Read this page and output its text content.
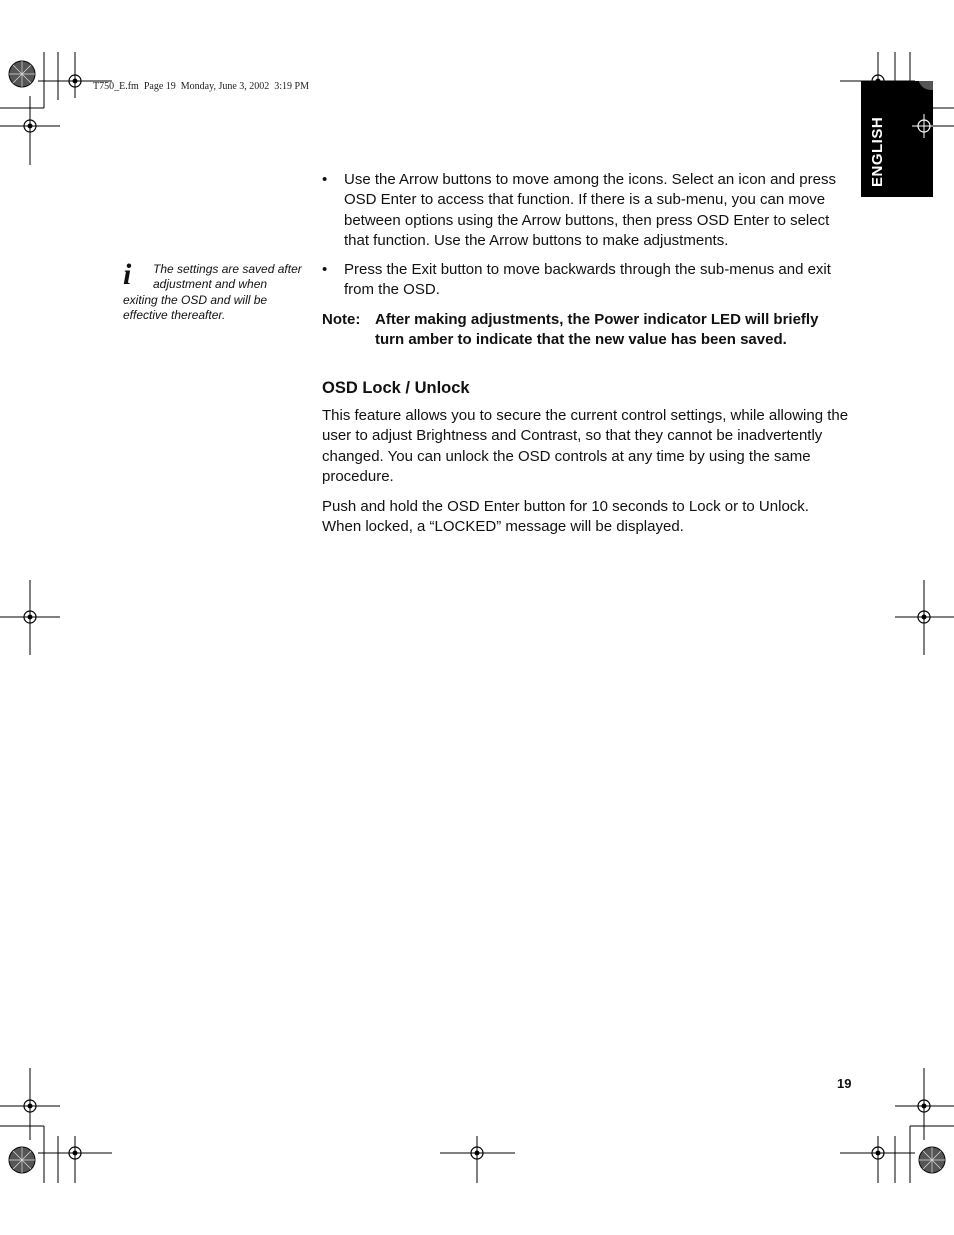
T750_E.fm  Page 19  Monday, June 3, 2002  3:19 PM
ENGLISH
i	The settings are saved after adjustment and when exiting the OSD and will be effective thereafter.
• Use the Arrow buttons to move among the icons. Select an icon and press OSD Enter to access that function. If there is a sub-menu, you can move between options using the Arrow buttons, then press OSD Enter to select that function. Use the Arrow buttons to make adjustments.
• Press the Exit button to move backwards through the sub-menus and exit from the OSD.
Note: After making adjustments, the Power indicator LED will briefly turn amber to indicate that the new value has been saved.
OSD Lock / Unlock
This feature allows you to secure the current control settings, while allowing the user to adjust Brightness and Contrast, so that they cannot be inadvertently changed. You can unlock the OSD controls at any time by using the same procedure.
Push and hold the OSD Enter button for 10 seconds to Lock or to Unlock. When locked, a “LOCKED” message will be displayed.
19
